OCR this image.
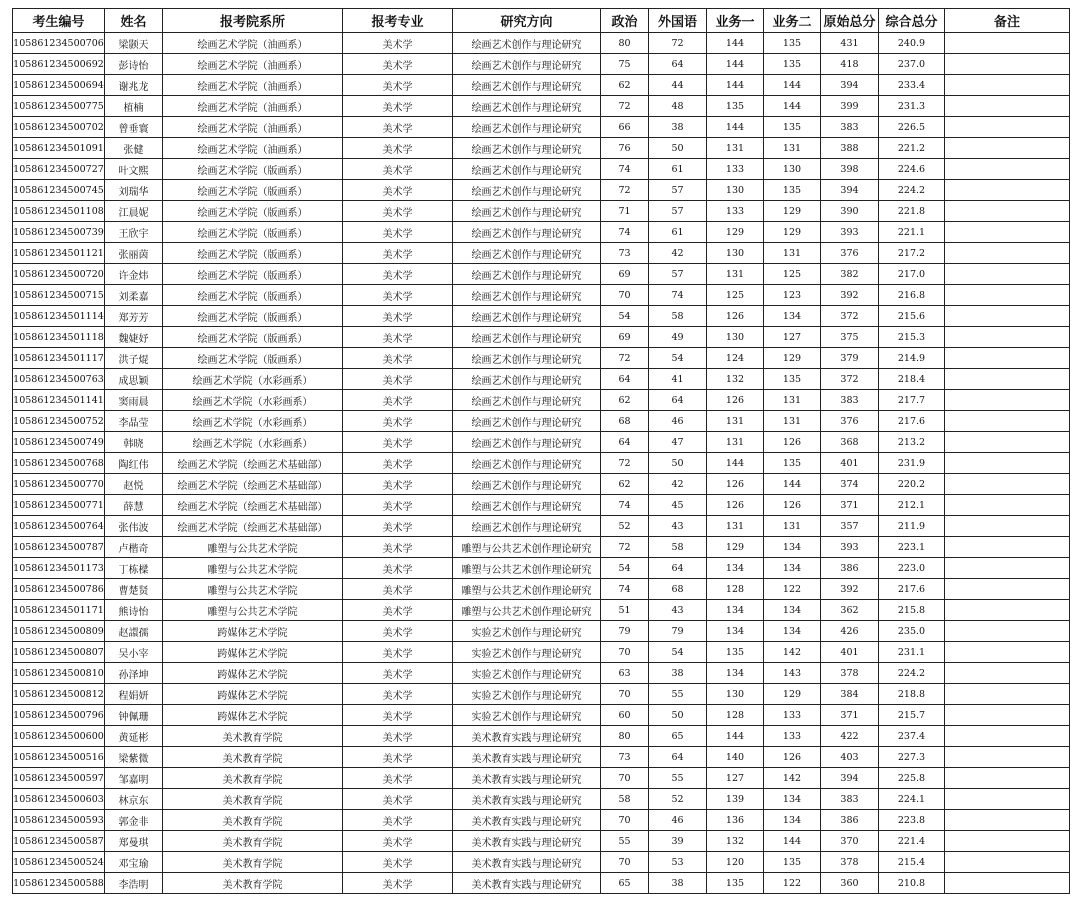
考生编号	姓名	报考院系所	报考专业	研究方向	政治	外国语	业务一	业务二	原始总分	综合总分	备注
105861234500706	梁颢天	绘画艺术学院（油画系）	美术学	绘画艺术创作与理论研究	80	72	144	135	431	240.9	
105861234500692	彭诗怡	绘画艺术学院（油画系）	美术学	绘画艺术创作与理论研究	75	64	144	135	418	237.0	
105861234500694	谢兆龙	绘画艺术学院（油画系）	美术学	绘画艺术创作与理论研究	62	44	144	144	394	233.4	
105861234500775	植楠	绘画艺术学院（油画系）	美术学	绘画艺术创作与理论研究	72	48	135	144	399	231.3	
105861234500702	曾垂寰	绘画艺术学院（油画系）	美术学	绘画艺术创作与理论研究	66	38	144	135	383	226.5	
105861234501091	张健	绘画艺术学院（油画系）	美术学	绘画艺术创作与理论研究	76	50	131	131	388	221.2	
105861234500727	叶文熙	绘画艺术学院（版画系）	美术学	绘画艺术创作与理论研究	74	61	133	130	398	224.6	
105861234500745	刘瑞华	绘画艺术学院（版画系）	美术学	绘画艺术创作与理论研究	72	57	130	135	394	224.2	
105861234501108	江晨妮	绘画艺术学院（版画系）	美术学	绘画艺术创作与理论研究	71	57	133	129	390	221.8	
105861234500739	王欣宇	绘画艺术学院（版画系）	美术学	绘画艺术创作与理论研究	74	61	129	129	393	221.1	
105861234501121	张丽茵	绘画艺术学院（版画系）	美术学	绘画艺术创作与理论研究	73	42	130	131	376	217.2	
105861234500720	许金炜	绘画艺术学院（版画系）	美术学	绘画艺术创作与理论研究	69	57	131	125	382	217.0	
105861234500715	刘柔嘉	绘画艺术学院（版画系）	美术学	绘画艺术创作与理论研究	70	74	125	123	392	216.8	
105861234501114	郑芳芳	绘画艺术学院（版画系）	美术学	绘画艺术创作与理论研究	54	58	126	134	372	215.6	
105861234501118	魏婕妤	绘画艺术学院（版画系）	美术学	绘画艺术创作与理论研究	69	49	130	127	375	215.3	
105861234501117	洪子焜	绘画艺术学院（版画系）	美术学	绘画艺术创作与理论研究	72	54	124	129	379	214.9	
105861234500763	成思颖	绘画艺术学院（水彩画系）	美术学	绘画艺术创作与理论研究	64	41	132	135	372	218.4	
105861234501141	窦雨晨	绘画艺术学院（水彩画系）	美术学	绘画艺术创作与理论研究	62	64	126	131	383	217.7	
105861234500752	李晶莹	绘画艺术学院（水彩画系）	美术学	绘画艺术创作与理论研究	68	46	131	131	376	217.6	
105861234500749	韩晓	绘画艺术学院（水彩画系）	美术学	绘画艺术创作与理论研究	64	47	131	126	368	213.2	
105861234500768	陶红伟	绘画艺术学院（绘画艺术基础部）	美术学	绘画艺术创作与理论研究	72	50	144	135	401	231.9	
105861234500770	赵悦	绘画艺术学院（绘画艺术基础部）	美术学	绘画艺术创作与理论研究	62	42	126	144	374	220.2	
105861234500771	薛慧	绘画艺术学院（绘画艺术基础部）	美术学	绘画艺术创作与理论研究	74	45	126	126	371	212.1	
105861234500764	张伟波	绘画艺术学院（绘画艺术基础部）	美术学	绘画艺术创作与理论研究	52	43	131	131	357	211.9	
105861234500787	卢楷奇	雕塑与公共艺术学院	美术学	雕塑与公共艺术创作理论研究	72	58	129	134	393	223.1	
105861234501173	丁栋樑	雕塑与公共艺术学院	美术学	雕塑与公共艺术创作理论研究	54	64	134	134	386	223.0	
105861234500786	曹楚贤	雕塑与公共艺术学院	美术学	雕塑与公共艺术创作理论研究	74	68	128	122	392	217.6	
105861234501171	熊诗怡	雕塑与公共艺术学院	美术学	雕塑与公共艺术创作理论研究	51	43	134	134	362	215.8	
105861234500809	赵譞孺	跨媒体艺术学院	美术学	实验艺术创作与理论研究	79	79	134	134	426	235.0	
105861234500807	吴小宰	跨媒体艺术学院	美术学	实验艺术创作与理论研究	70	54	135	142	401	231.1	
105861234500810	孙泽坤	跨媒体艺术学院	美术学	实验艺术创作与理论研究	63	38	134	143	378	224.2	
105861234500812	程娟妍	跨媒体艺术学院	美术学	实验艺术创作与理论研究	70	55	130	129	384	218.8	
105861234500796	钟佩珊	跨媒体艺术学院	美术学	实验艺术创作与理论研究	60	50	128	133	371	215.7	
105861234500600	黄延彬	美术教育学院	美术学	美术教育实践与理论研究	80	65	144	133	422	237.4	
105861234500516	梁紫微	美术教育学院	美术学	美术教育实践与理论研究	73	64	140	126	403	227.3	
105861234500597	邹嘉明	美术教育学院	美术学	美术教育实践与理论研究	70	55	127	142	394	225.8	
105861234500603	林京东	美术教育学院	美术学	美术教育实践与理论研究	58	52	139	134	383	224.1	
105861234500593	郭金非	美术教育学院	美术学	美术教育实践与理论研究	70	46	136	134	386	223.8	
105861234500587	郑曼琪	美术教育学院	美术学	美术教育实践与理论研究	55	39	132	144	370	221.4	
105861234500524	邓宝瑜	美术教育学院	美术学	美术教育实践与理论研究	70	53	120	135	378	215.4	
105861234500588	李浩明	美术教育学院	美术学	美术教育实践与理论研究	65	38	135	122	360	210.8	
